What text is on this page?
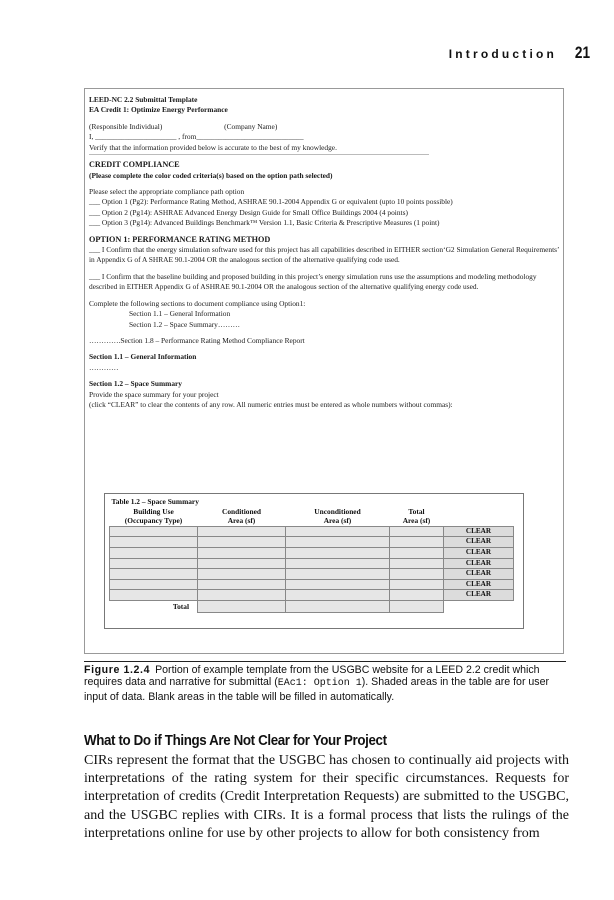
Introduction 21

LEED-NC 2.2 Submittal Template

EA Credit 1: Optimize Energy Performance

(Responsible Individual)	(Company Name)

I, ______________________ , from_____________________________

Verify that the information provided below is accurate to the best of my knowledge.

CREDIT COMPLIANCE

(Please complete the color coded criteria(s) based on the option path selected)

Please select the appropriate compliance path option

___ Option 1 (Pg2): Performance Rating Method, ASHRAE 90.1-2004 Appendix G or equivalent (upto 10 points possible)

___ Option 2 (Pg14): ASHRAE Advanced Energy Design Guide for Small Office Buildings 2004 (4 points)

___ Option 3 (Pg14): Advanced Buildings Benchmark™ Version 1.1, Basic Criteria & Prescriptive Measures (1 point)

OPTION 1: PERFORMANCE RATING METHOD

___ I Confirm that the energy simulation software used for this project has all capabilities described in EITHER section‘G2 Simulation General Requirements’ in Appendix G of A SHRAE 90.1-2004 OR the analogous section of the alternative qualifying code used.

___ I Confirm that the baseline building and proposed building in this project’s energy simulation runs use the assumptions and modeling methodology described in EITHER Appendix G of ASHRAE 90.1-2004 OR the analogous section of the alternative qualifying energy code used.

Complete the following sections to document compliance using Option1:

Section 1.1 – General Information

Section 1.2 – Space Summary………

………….Section 1.8 – Performance Rating Method Compliance Report

Section 1.1 – General Information

…………

Section 1.2 – Space Summary

Provide the space summary for your project

(click “CLEAR” to clear the contents of any row. All numeric entries must be entered as whole numbers without commas):

Table 1.2 – Space Summary				
Building Use	Conditioned	Unconditioned	Total	
(Occupancy Type)	Area (sf)	Area (sf)	Area (sf)	
				CLEAR
				CLEAR
				CLEAR
				CLEAR
				CLEAR
				CLEAR
				CLEAR
Total				
Figure 1.2.4 Portion of example template from the USGBC website for a LEED 2.2 credit which requires data and narrative for submittal (EAc1: Option 1). Shaded areas in the table are for user input of data. Blank areas in the table will be filled in automatically.
What to Do if Things Are Not Clear for Your Project
CIRs represent the format that the USGBC has chosen to continually aid projects with interpretations of the rating system for their specific circumstances. Requests for interpretation of credits (Credit Interpretation Requests) are submitted to the USGBC, and the USGBC replies with CIRs. It is a formal process that lists the rulings of the interpretations online for use by other projects to allow for both consistency from
